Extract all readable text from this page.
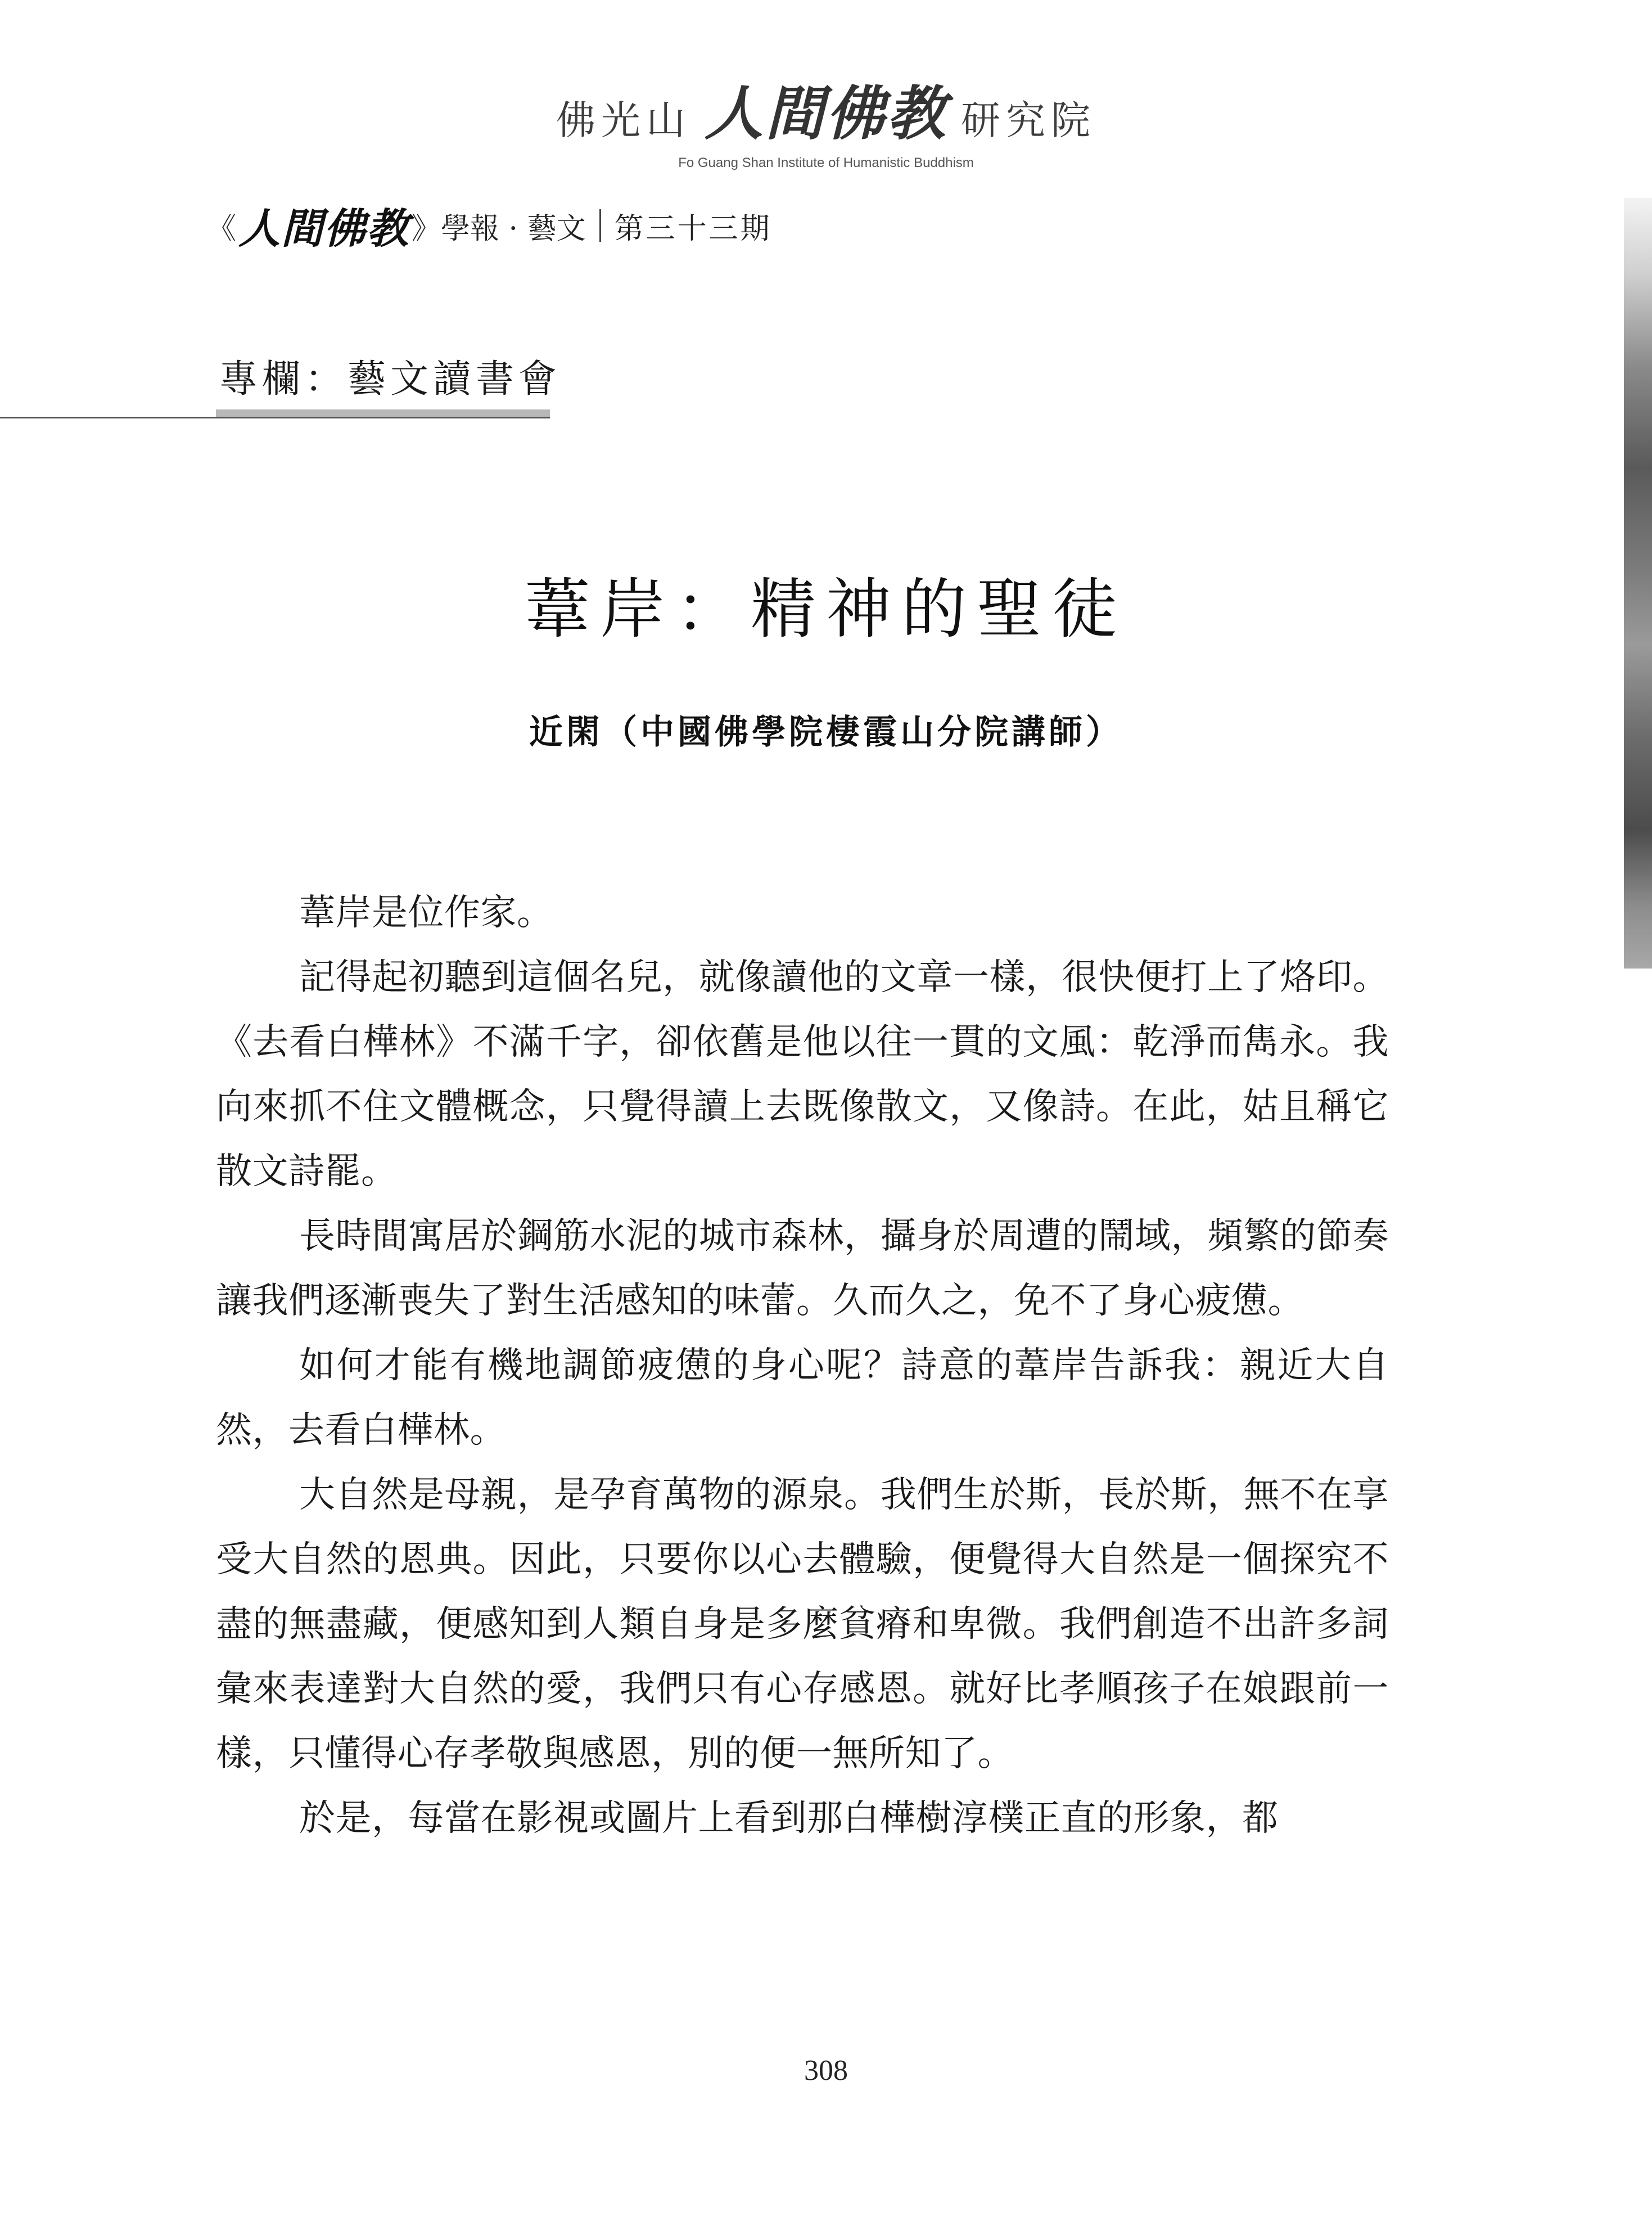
佛光山 人間佛教 研究院
Fo Guang Shan Institute of Humanistic Buddhism
《 人間佛教 》 學報 · 藝文 第三十三期
專欄：藝文讀書會
葦岸：精神的聖徒
近閑（中國佛學院棲霞山分院講師）

葦岸是位作家。

記得起初聽到這個名兒，就像讀他的文章一樣，很快便打上了烙印。《去看白樺林》不滿千字，卻依舊是他以往一貫的文風：乾淨而雋永。我向來抓不住文體概念，只覺得讀上去既像散文，又像詩。在此，姑且稱它散文詩罷。

長時間寓居於鋼筋水泥的城市森林，攝身於周遭的鬧域，頻繁的節奏讓我們逐漸喪失了對生活感知的味蕾。久而久之，免不了身心疲憊。

如何才能有機地調節疲憊的身心呢？詩意的葦岸告訴我：親近大自然，去看白樺林。

大自然是母親，是孕育萬物的源泉。我們生於斯，長於斯，無不在享受大自然的恩典。因此，只要你以心去體驗，便覺得大自然是一個探究不盡的無盡藏，便感知到人類自身是多麼貧瘠和卑微。我們創造不出許多詞彙來表達對大自然的愛，我們只有心存感恩。就好比孝順孩子在娘跟前一樣，只懂得心存孝敬與感恩，別的便一無所知了。

於是，每當在影視或圖片上看到那白樺樹淳樸正直的形象，都

308
